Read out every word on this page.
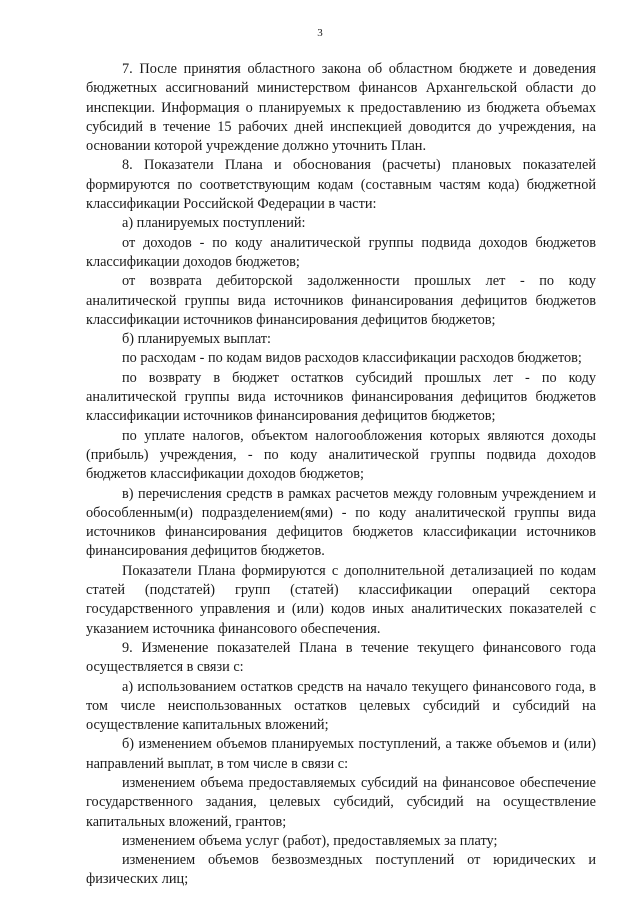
3

7. После принятия областного закона об областном бюджете и доведения бюджетных ассигнований министерством финансов Архангельской области до инспекции. Информация о планируемых к предоставлению из бюджета объемах субсидий в течение 15 рабочих дней инспекцией доводится до учреждения, на основании которой учреждение должно уточнить План.

8. Показатели Плана и обоснования (расчеты) плановых показателей формируются по соответствующим кодам (составным частям кода) бюджетной классификации Российской Федерации в части:

а) планируемых поступлений:

от доходов - по коду аналитической группы подвида доходов бюджетов классификации доходов бюджетов;

от возврата дебиторской задолженности прошлых лет - по коду аналитической группы вида источников финансирования дефицитов бюджетов классификации источников финансирования дефицитов бюджетов;

б) планируемых выплат:

по расходам - по кодам видов расходов классификации расходов бюджетов;

по возврату в бюджет остатков субсидий прошлых лет - по коду аналитической группы вида источников финансирования дефицитов бюджетов классификации источников финансирования дефицитов бюджетов;

по уплате налогов, объектом налогообложения которых являются доходы (прибыль) учреждения, - по коду аналитической группы подвида доходов бюджетов классификации доходов бюджетов;

в) перечисления средств в рамках расчетов между головным учреждением и обособленным(и) подразделением(ями) - по коду аналитической группы вида источников финансирования дефицитов бюджетов классификации источников финансирования дефицитов бюджетов.

Показатели Плана формируются с дополнительной детализацией по кодам статей (подстатей) групп (статей) классификации операций сектора государственного управления и (или) кодов иных аналитических показателей с указанием источника финансового обеспечения.

9. Изменение показателей Плана в течение текущего финансового года осуществляется в связи с:

а) использованием остатков средств на начало текущего финансового года, в том числе неиспользованных остатков целевых субсидий и субсидий на осуществление капитальных вложений;

б) изменением объемов планируемых поступлений, а также объемов и (или) направлений выплат, в том числе в связи с:

изменением объема предоставляемых субсидий на финансовое обеспечение государственного задания, целевых субсидий, субсидий на осуществление капитальных вложений, грантов;

изменением объема услуг (работ), предоставляемых за плату;

изменением объемов безвозмездных поступлений от юридических и физических лиц;
